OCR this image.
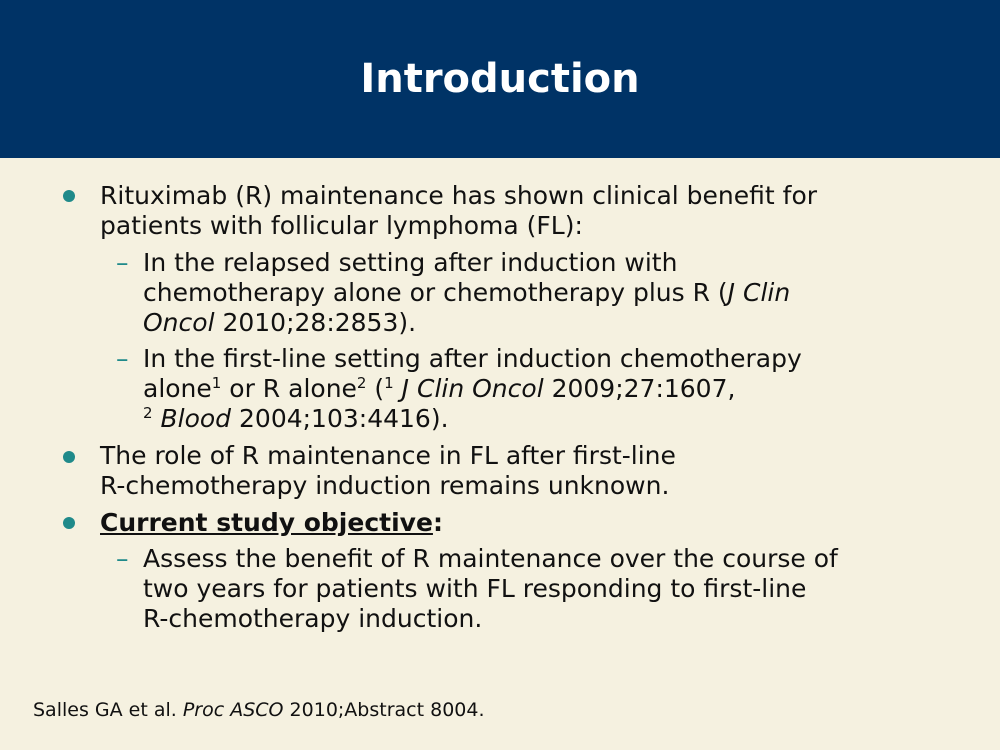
Introduction
Rituximab (R) maintenance has shown clinical benefit for
patients with follicular lymphoma (FL):
– In the relapsed setting after induction with
chemotherapy alone or chemotherapy plus R (J Clin
Oncol 2010;28:2853).
– In the first-line setting after induction chemotherapy
alone$^1$ or R alone$^2$ ($^1$ J Clin Oncol 2009;27:1607,
$^2$ Blood 2004;103:4416).
The role of R maintenance in FL after first-line
R-chemotherapy induction remains unknown.
Current study objective:
– Assess the benefit of R maintenance over the course of
two years for patients with FL responding to first-line
R-chemotherapy induction.
Salles GA et al. Proc ASCO 2010;Abstract 8004.
